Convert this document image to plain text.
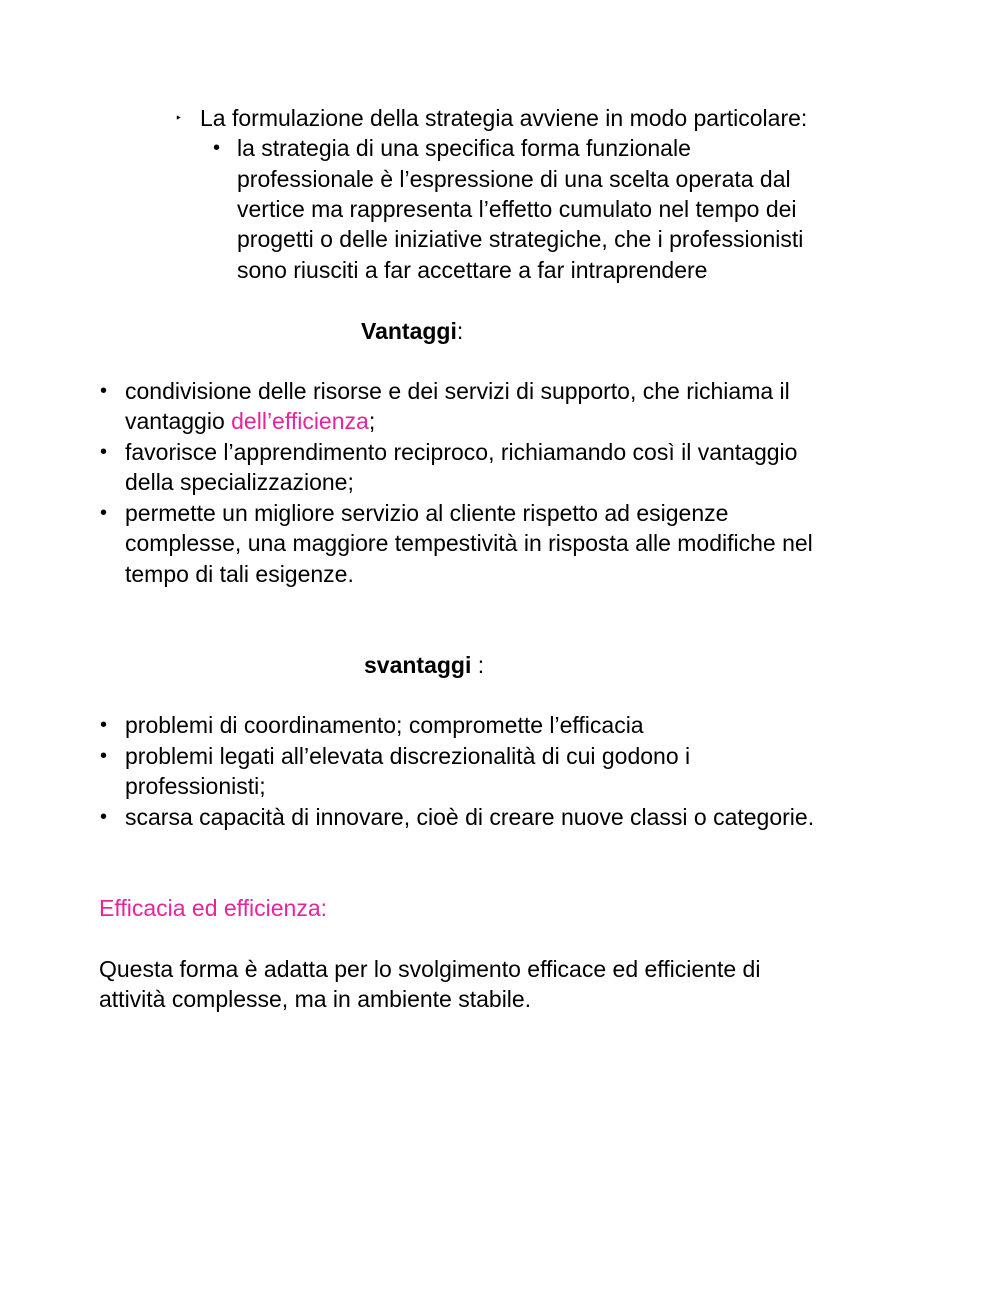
‣ La formulazione della strategia avviene in modo particolare:
• la strategia di una specifica forma funzionale
professionale è l’espressione di una scelta operata dal
vertice ma rappresenta l’effetto cumulato nel tempo dei
progetti o delle iniziative strategiche, che i professionisti
sono riusciti a far accettare a far intraprendere
Vantaggi:
• condivisione delle risorse e dei servizi di supporto, che richiama il
vantaggio dell’efficienza;
• favorisce l’apprendimento reciproco, richiamando così il vantaggio
della specializzazione;
• permette un migliore servizio al cliente rispetto ad esigenze
complesse, una maggiore tempestività in risposta alle modifiche nel
tempo di tali esigenze.
svantaggi :
• problemi di coordinamento; compromette l’efficacia
• problemi legati all’elevata discrezionalità di cui godono i
professionisti;
• scarsa capacità di innovare, cioè di creare nuove classi o categorie.
Efficacia ed efficienza:
Questa forma è adatta per lo svolgimento efficace ed efficiente di
attività complesse, ma in ambiente stabile.
